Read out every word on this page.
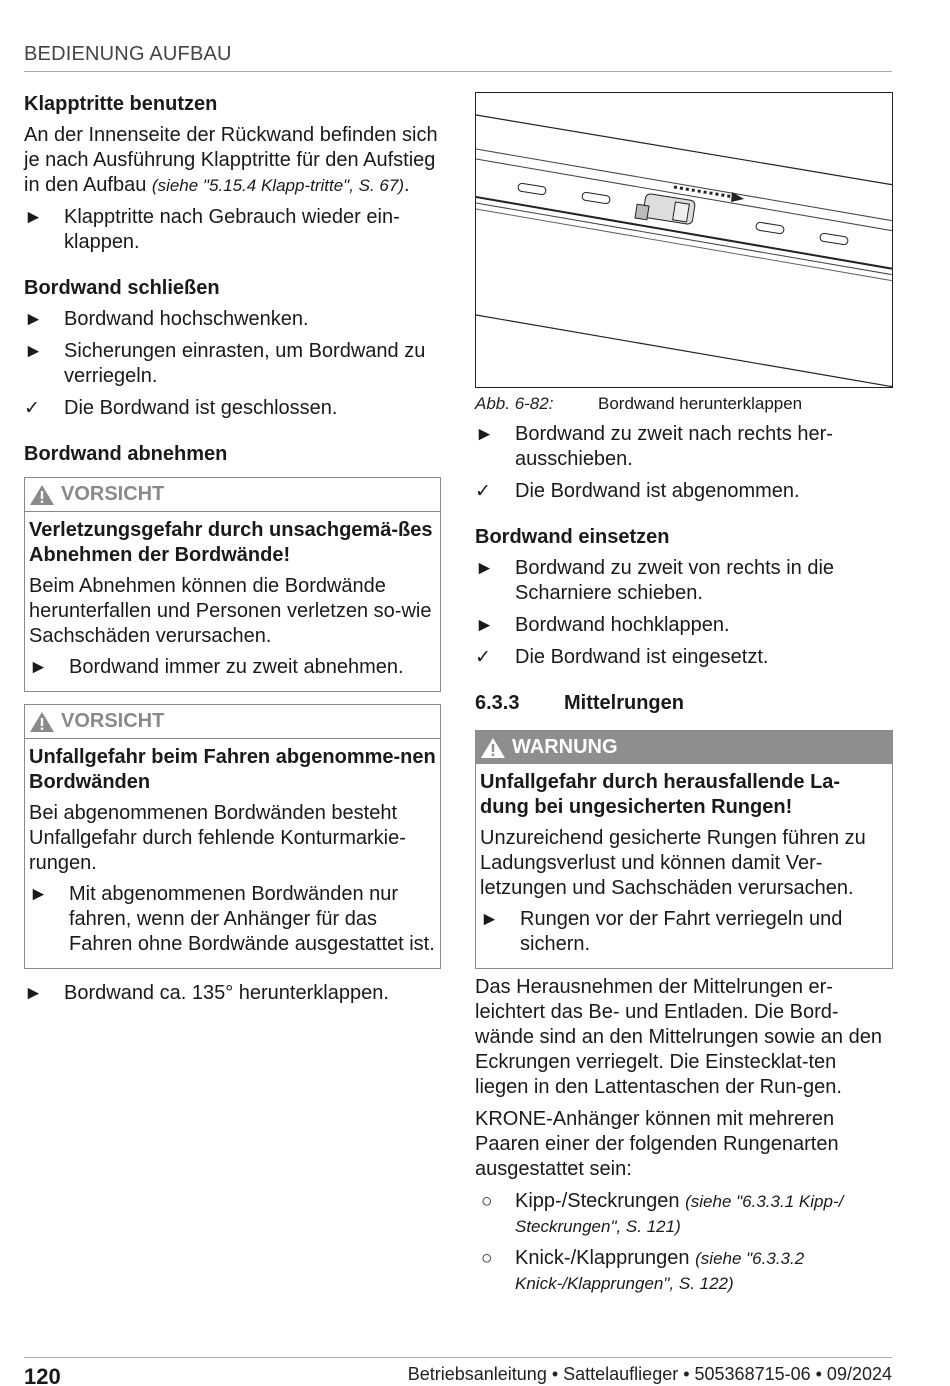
BEDIENUNG AUFBAU
Klapptritte benutzen
An der Innenseite der Rückwand befinden sich je nach Ausführung Klapptritte für den Aufstieg in den Aufbau (siehe "5.15.4 Klapp-tritte", S. 67).
►	Klapptritte nach Gebrauch wieder ein-klappen.
Bordwand schließen
►	Bordwand hochschwenken.
►	Sicherungen einrasten, um Bordwand zu verriegeln.
✓	Die Bordwand ist geschlossen.
Bordwand abnehmen
VORSICHT
Verletzungsgefahr durch unsachgemä-ßes Abnehmen der Bordwände!
Beim Abnehmen können die Bordwände herunterfallen und Personen verletzen so-wie Sachschäden verursachen.
►	Bordwand immer zu zweit abnehmen.
VORSICHT
Unfallgefahr beim Fahren abgenomme-nen Bordwänden
Bei abgenommenen Bordwänden besteht Unfallgefahr durch fehlende Konturmarkie-rungen.
►	Mit abgenommenen Bordwänden nur fahren, wenn der Anhänger für das Fahren ohne Bordwände ausgestattet ist.
►	Bordwand ca. 135° herunterklappen.
Abb. 6-82:	Bordwand herunterklappen
►	Bordwand zu zweit nach rechts her-ausschieben.
✓	Die Bordwand ist abgenommen.
Bordwand einsetzen
►	Bordwand zu zweit von rechts in die Scharniere schieben.
►	Bordwand hochklappen.
✓	Die Bordwand ist eingesetzt.
6.3.3	Mittelrungen
WARNUNG
Unfallgefahr durch herausfallende La-dung bei ungesicherten Rungen!
Unzureichend gesicherte Rungen führen zu Ladungsverlust und können damit Ver-letzungen und Sachschäden verursachen.
►	Rungen vor der Fahrt verriegeln und sichern.
Das Herausnehmen der Mittelrungen er-leichtert das Be- und Entladen. Die Bord-wände sind an den Mittelrungen sowie an den Eckrungen verriegelt. Die Einstecklat-ten liegen in den Lattentaschen der Run-gen.
KRONE-Anhänger können mit mehreren Paaren einer der folgenden Rungenarten ausgestattet sein:
○	Kipp-/Steckrungen (siehe "6.3.3.1 Kipp-/ Steckrungen", S. 121)
○	Knick-/Klapprungen (siehe "6.3.3.2 Knick-/Klapprungen", S. 122)
120	Betriebsanleitung • Sattelauflieger • 505368715-06 • 09/2024
